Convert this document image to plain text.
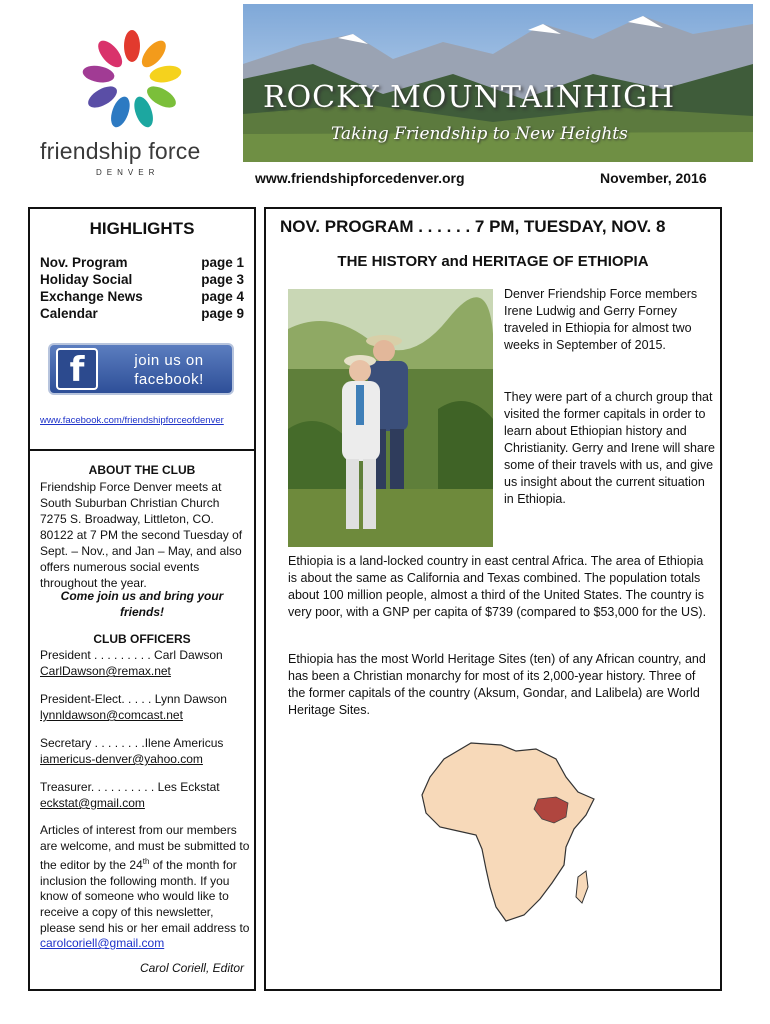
friendship force
DENVER
ROCKY MOUNTAINHIGH
Taking Friendship to New Heights
www.friendshipforcedenver.org	November, 2016
HIGHLIGHTS
Nov. Program	page 1
Holiday Social	page 3
Exchange News	page 4
Calendar	page 9
f	join us on
facebook!
www.facebook.com/friendshipforceofdenver
ABOUT THE CLUB
Friendship Force Denver meets at South Suburban Christian Church 7275 S. Broadway, Littleton, CO. 80122 at 7 PM the second Tuesday of Sept. – Nov., and Jan – May, and also offers numerous social events throughout the year.
Come join us and bring your friends!
CLUB OFFICERS
President . . . . . . . . . Carl Dawson
CarlDawson@remax.net
President-Elect. . . . . Lynn Dawson
lynnldawson@comcast.net
Secretary . . . . . . . .Ilene Americus
iamericus-denver@yahoo.com
Treasurer. . . . . . . . . . Les Eckstat
eckstat@gmail.com
Articles of interest from our members are welcome, and must be submitted to the editor by the 24th of the month for inclusion the following month. If you know of someone who would like to receive a copy of this newsletter, please send his or her email address to
carolcoriell@gmail.com
Carol Coriell, Editor
NOV. PROGRAM . . . . . . 7 PM, TUESDAY, NOV. 8
THE HISTORY and HERITAGE OF ETHIOPIA
Denver Friendship Force members Irene Ludwig and Gerry Forney traveled in Ethiopia for almost two weeks in September of 2015.
They were part of a church group that visited the former capitals in order to learn about Ethiopian history and Christianity. Gerry and Irene will share some of their travels with us, and give us insight about the current situation in Ethiopia.
Ethiopia is a land-locked country in east central Africa. The area of Ethiopia is about the same as California and Texas combined. The population totals about 100 million people, almost a third of the United States. The country is very poor, with a GNP per capita of $739 (compared to $53,000 for the US).
Ethiopia has the most World Heritage Sites (ten) of any African country, and has been a Christian monarchy for most of its 2,000-year history. Three of the former capitals of the country (Aksum, Gondar, and Lalibela) are World Heritage Sites.
